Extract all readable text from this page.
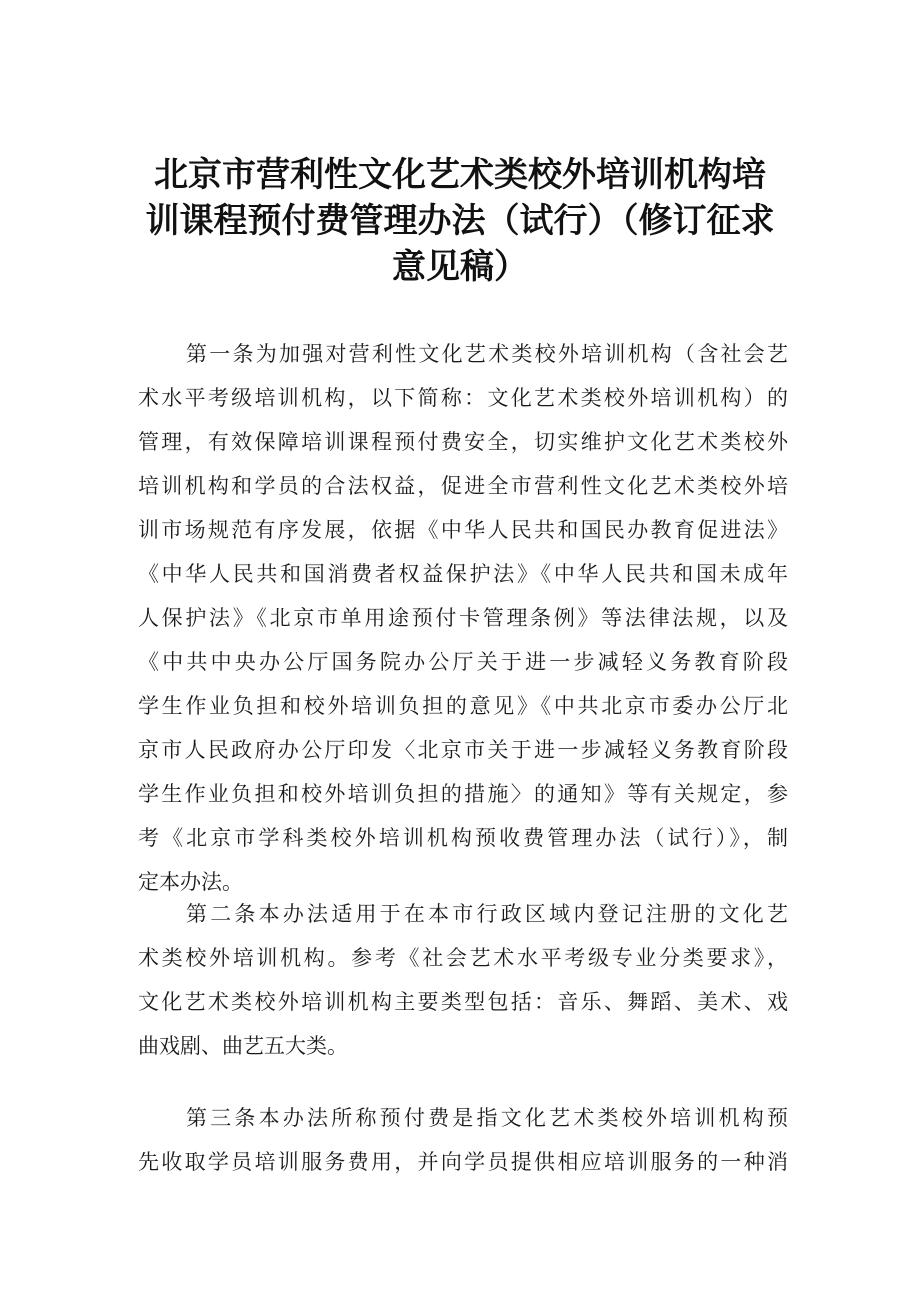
北京市营利性文化艺术类校外培训机构培
训课程预付费管理办法（试行）（修订征求
意见稿）
第一条为加强对营利性文化艺术类校外培训机构（含社会艺
术水平考级培训机构，以下简称：文化艺术类校外培训机构）的
管理，有效保障培训课程预付费安全，切实维护文化艺术类校外
培训机构和学员的合法权益，促进全市营利性文化艺术类校外培
训市场规范有序发展，依据《中华人民共和国民办教育促进法》
《中华人民共和国消费者权益保护法》《中华人民共和国未成年
人保护法》《北京市单用途预付卡管理条例》等法律法规，以及
《中共中央办公厅国务院办公厅关于进一步减轻义务教育阶段
学生作业负担和校外培训负担的意见》《中共北京市委办公厅北
京市人民政府办公厅印发〈北京市关于进一步减轻义务教育阶段
学生作业负担和校外培训负担的措施〉的通知》等有关规定，参
考《北京市学科类校外培训机构预收费管理办法（试行）》，制
定本办法。
第二条本办法适用于在本市行政区域内登记注册的文化艺
术类校外培训机构。参考《社会艺术水平考级专业分类要求》，
文化艺术类校外培训机构主要类型包括：音乐、舞蹈、美术、戏
曲戏剧、曲艺五大类。
第三条本办法所称预付费是指文化艺术类校外培训机构预
先收取学员培训服务费用，并向学员提供相应培训服务的一种消
